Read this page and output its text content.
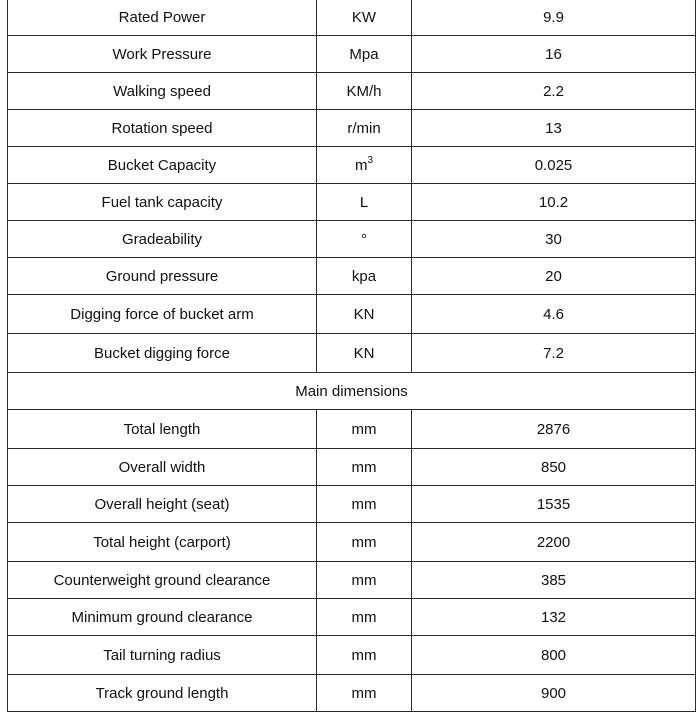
Rated Power	KW	9.9
Work Pressure	Mpa	16
Walking speed	KM/h	2.2
Rotation speed	r/min	13
Bucket Capacity	$m^3$	0.025
Fuel tank capacity	L	10.2
Gradeability	°	30
Ground pressure	kpa	20
Digging force of bucket arm	KN	4.6
Bucket digging force	KN	7.2
Main dimensions		
Total length	mm	2876
Overall width	mm	850
Overall height (seat)	mm	1535
Total height (carport)	mm	2200
Counterweight ground clearance	mm	385
Minimum ground clearance	mm	132
Tail turning radius	mm	800
Track ground length	mm	900
